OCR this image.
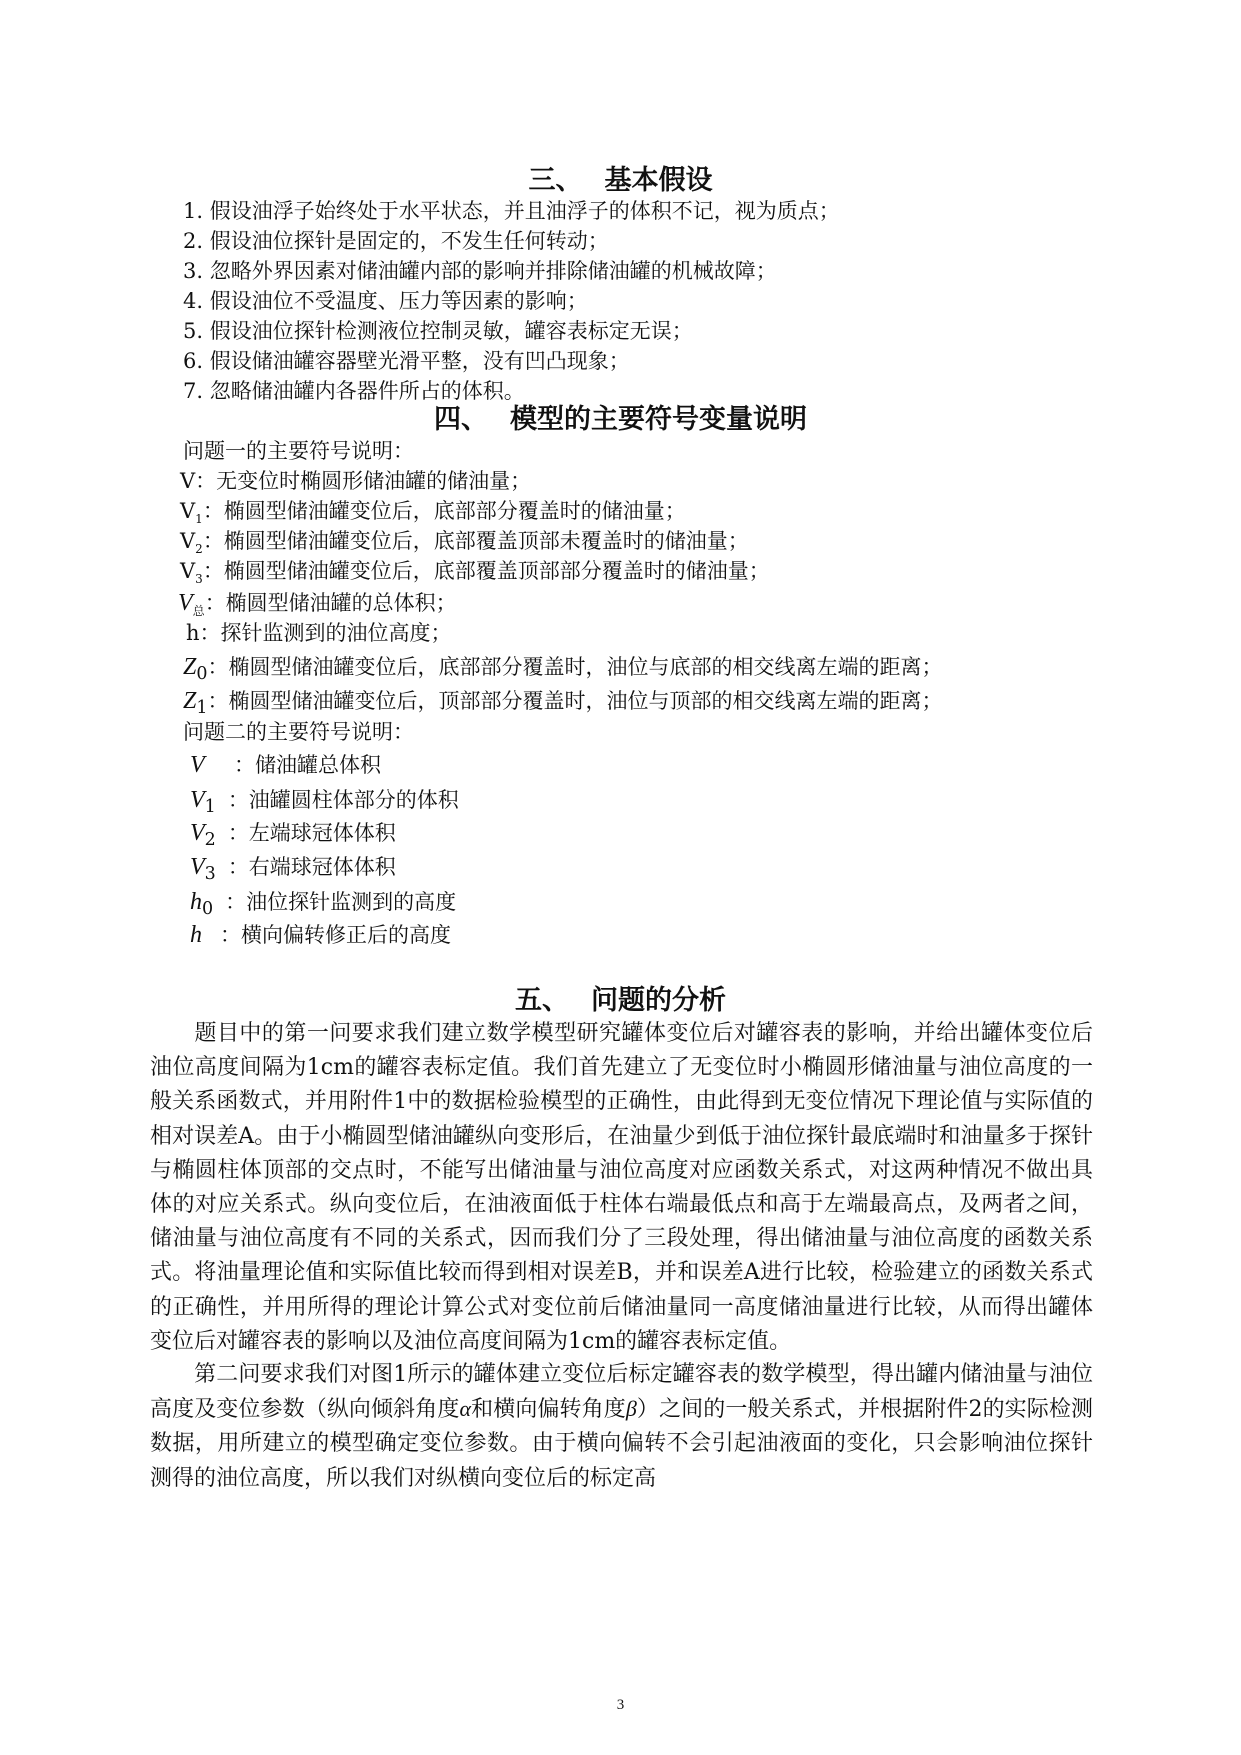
三、 基本假设
1. 假设油浮子始终处于水平状态，并且油浮子的体积不记，视为质点；
2. 假设油位探针是固定的，不发生任何转动；
3. 忽略外界因素对储油罐内部的影响并排除储油罐的机械故障；
4. 假设油位不受温度、压力等因素的影响；
5. 假设油位探针检测液位控制灵敏，罐容表标定无误；
6. 假设储油罐容器壁光滑平整，没有凹凸现象；
7. 忽略储油罐内各器件所占的体积。
四、 模型的主要符号变量说明
问题一的主要符号说明：
V：无变位时椭圆形储油罐的储油量；
$V_1$：椭圆型储油罐变位后，底部部分覆盖时的储油量；
$V_2$：椭圆型储油罐变位后，底部覆盖顶部未覆盖时的储油量；
$V_3$：椭圆型储油罐变位后，底部覆盖顶部部分覆盖时的储油量；
$V_总$：椭圆型储油罐的总体积；
h：探针监测到的油位高度；
$Z_0$：椭圆型储油罐变位后，底部部分覆盖时，油位与底部的相交线离左端的距离；
$Z_1$：椭圆型储油罐变位后，顶部部分覆盖时，油位与顶部的相交线离左端的距离；
问题二的主要符号说明：
V ：储油罐总体积
$V_1$ ：油罐圆柱体部分的体积
$V_2$ ：左端球冠体体积
$V_3$ ：右端球冠体体积
$h_0$ ：油位探针监测到的高度
h ：横向偏转修正后的高度
五、 问题的分析
题目中的第一问要求我们建立数学模型研究罐体变位后对罐容表的影响，并给出罐体变位后油位高度间隔为1cm的罐容表标定值。我们首先建立了无变位时小椭圆形储油量与油位高度的一般关系函数式，并用附件1中的数据检验模型的正确性，由此得到无变位情况下理论值与实际值的相对误差A。由于小椭圆型储油罐纵向变形后，在油量少到低于油位探针最底端时和油量多于探针与椭圆柱体顶部的交点时，不能写出储油量与油位高度对应函数关系式，对这两种情况不做出具体的对应关系式。纵向变位后，在油液面低于柱体右端最低点和高于左端最高点，及两者之间，储油量与油位高度有不同的关系式，因而我们分了三段处理，得出储油量与油位高度的函数关系式。将油量理论值和实际值比较而得到相对误差B，并和误差A进行比较，检验建立的函数关系式的正确性，并用所得的理论计算公式对变位前后储油量同一高度储油量进行比较，从而得出罐体变位后对罐容表的影响以及油位高度间隔为1cm的罐容表标定值。
第二问要求我们对图1所示的罐体建立变位后标定罐容表的数学模型，得出罐内储油量与油位高度及变位参数（纵向倾斜角度α和横向偏转角度β）之间的一般关系式，并根据附件2的实际检测数据，用所建立的模型确定变位参数。由于横向偏转不会引起油液面的变化，只会影响油位探针测得的油位高度，所以我们对纵横向变位后的标定高
3
